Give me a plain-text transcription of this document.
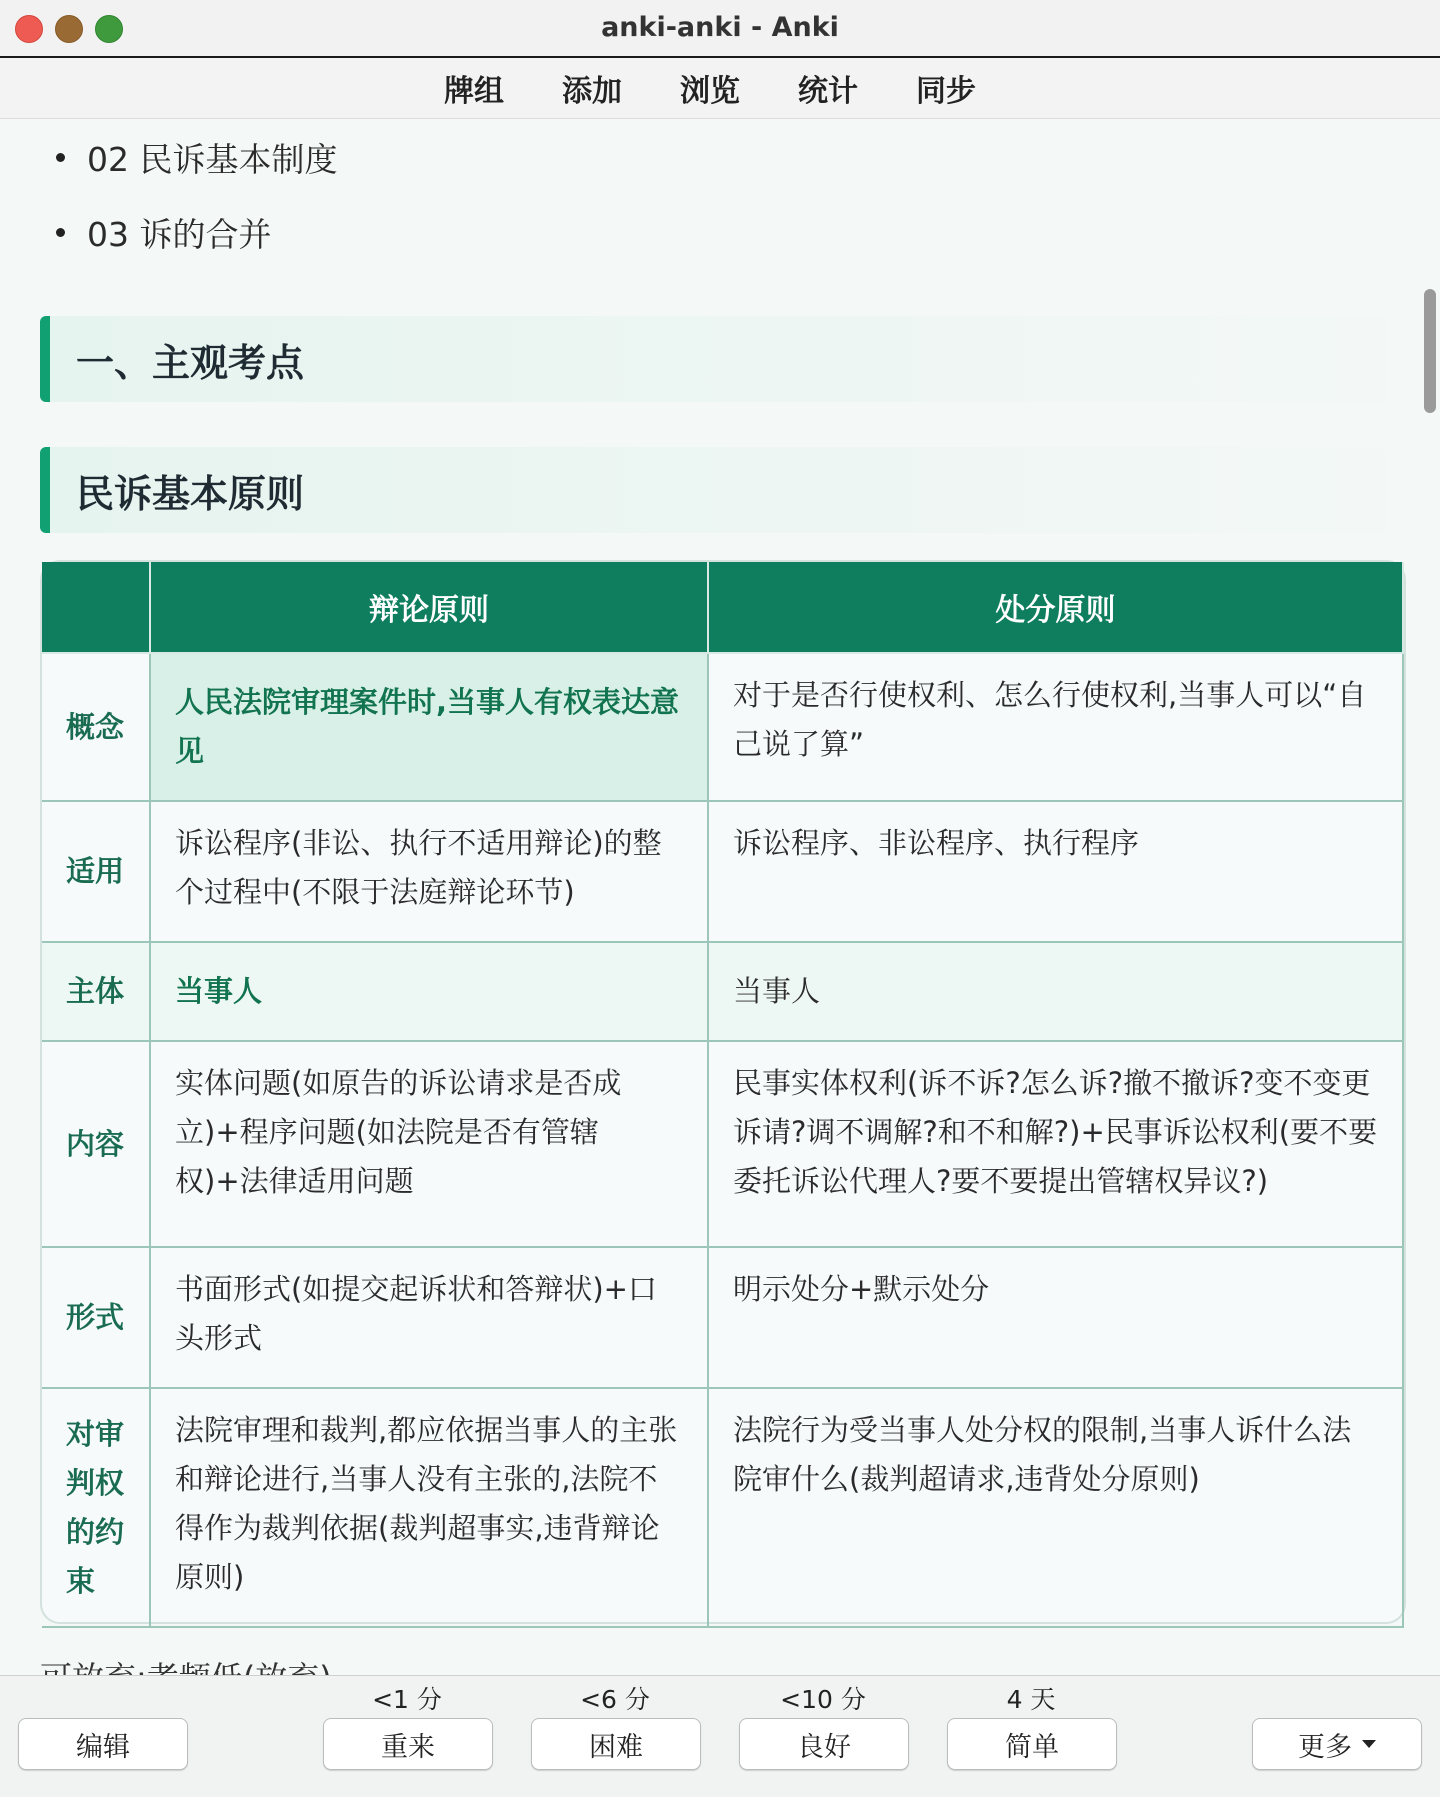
anki-anki - Anki
牌组 添加 浏览 统计 同步
02 民诉基本制度
03 诉的合并
一、主观考点
民诉基本原则
	辩论原则	处分原则
概念	人民法院审理案件时,当事人有权表达意见	对于是否行使权利、怎么行使权利,当事人可以“自己说了算”
适用	诉讼程序(非讼、执行不适用辩论)的整个过程中(不限于法庭辩论环节)	诉讼程序、非讼程序、执行程序
主体	当事人	当事人
内容	实体问题(如原告的诉讼请求是否成立)+程序问题(如法院是否有管辖权)+法律适用问题	民事实体权利(诉不诉?怎么诉?撤不撤诉?变不变更诉请?调不调解?和不和解?)+民事诉讼权利(要不要委托诉讼代理人?要不要提出管辖权异议?)
形式	书面形式(如提交起诉状和答辩状)+口头形式	明示处分+默示处分
对审判权的约束	法院审理和裁判,都应依据当事人的主张和辩论进行,当事人没有主张的,法院不得作为裁判依据(裁判超事实,违背辩论原则)	法院行为受当事人处分权的限制,当事人诉什么法院审什么(裁判超请求,违背处分原则)
编辑
<1 分
重来
<6 分
困难
<10 分
良好
4 天
简单	更多
